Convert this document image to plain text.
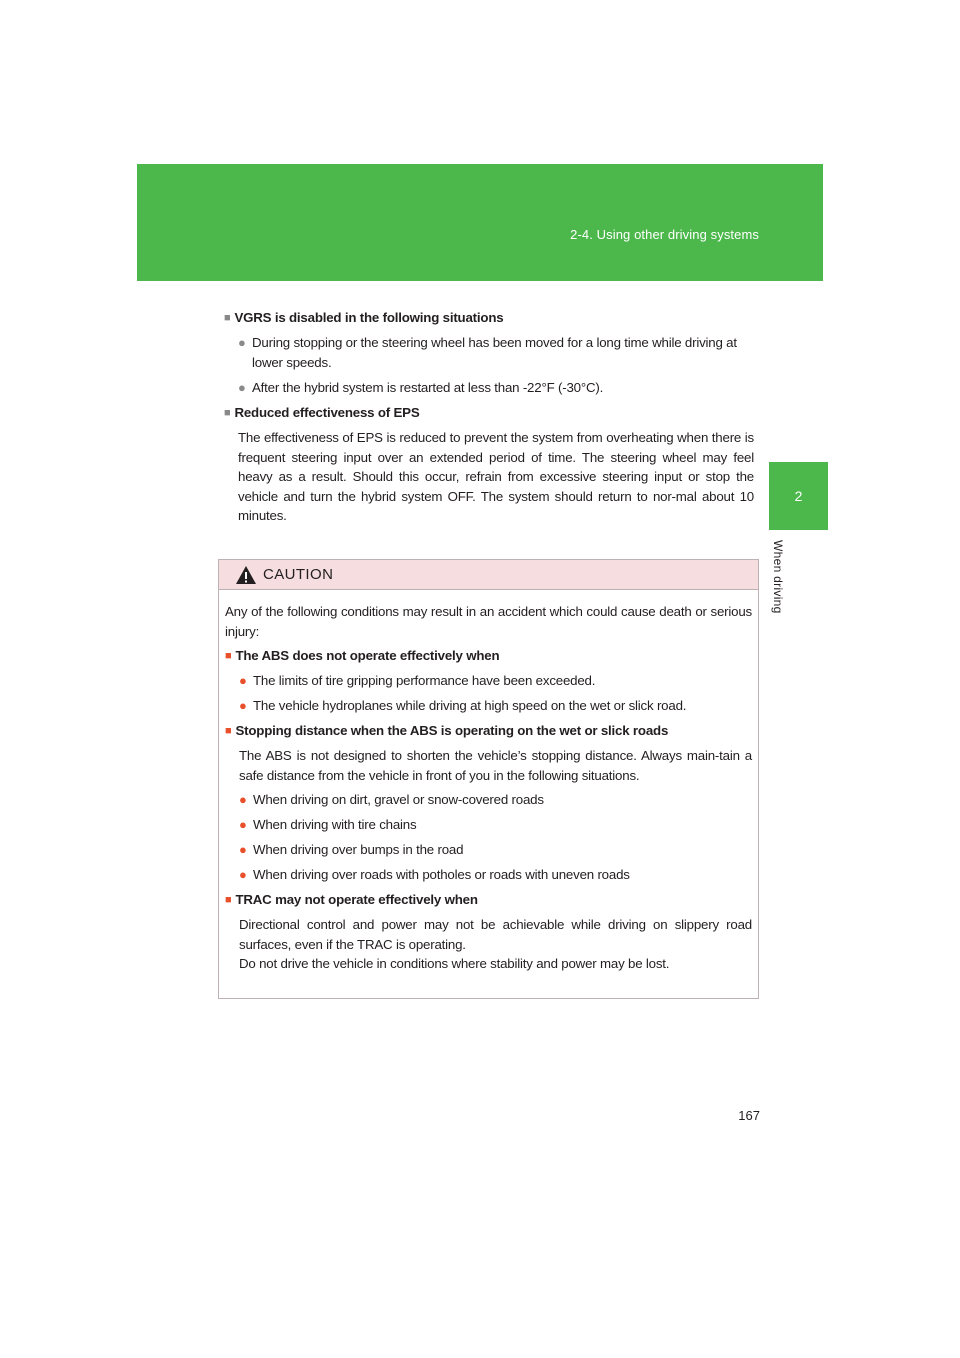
2-4. Using other driving systems
2
When driving
■ VGRS is disabled in the following situations
● During stopping or the steering wheel has been moved for a long time while driving at lower speeds.
● After the hybrid system is restarted at less than -22°F (-30°C).
■ Reduced effectiveness of EPS
The effectiveness of EPS is reduced to prevent the system from overheating when there is frequent steering input over an extended period of time. The steering wheel may feel heavy as a result. Should this occur, refrain from excessive steering input or stop the vehicle and turn the hybrid system OFF. The system should return to nor-mal about 10 minutes.
CAUTION
Any of the following conditions may result in an accident which could cause death or serious injury:
■ The ABS does not operate effectively when
● The limits of tire gripping performance have been exceeded.
● The vehicle hydroplanes while driving at high speed on the wet or slick road.
■ Stopping distance when the ABS is operating on the wet or slick roads
The ABS is not designed to shorten the vehicle’s stopping distance. Always main-tain a safe distance from the vehicle in front of you in the following situations.
● When driving on dirt, gravel or snow-covered roads
● When driving with tire chains
● When driving over bumps in the road
● When driving over roads with potholes or roads with uneven roads
■ TRAC may not operate effectively when
Directional control and power may not be achievable while driving on slippery road surfaces, even if the TRAC is operating.
Do not drive the vehicle in conditions where stability and power may be lost.
167
